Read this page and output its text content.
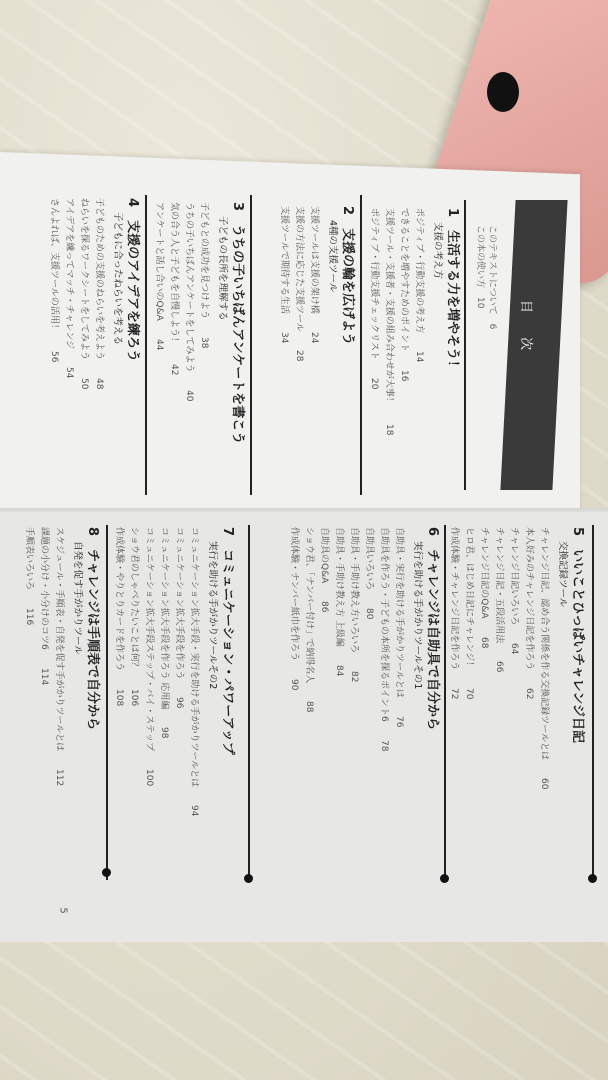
目 次
このテキストについて　6
この本の使い方　10
1　生活する力を増やそう！
支援の考え方
ポジティブ・行動支援の考え方14
できることを増やすためのポイント16
支援ツール・支援者・支援の組み合わせが大事！18
ポジティブ・行動支援チェックリスト20
2　支援の輪を広げよう
4種の支援ツール
支援ツールは支援の架け橋24
支援の方法に応じた支援ツール28
支援ツールで期待する生活34
3　うちの子いちばんアンケートを書こう
子どもの長所を理解する
子どもとの成功を見つけよう38
うちの子いちばんアンケートをしてみよう40
気の合う人と子どもを自慢しよう！42
アンケートと話し合いのQ&A44
4　支援のアイデアを練ろう
子どもに合ったねらいを考える
子どものための支援のねらいを考えよう48
ねらいを探るワークシートをしてみよう50
アイデアを練ってマッチ・チャレンジ54
さんよれば、支援ツールの活用！56
5　いいことひっぱいチャレンジ日記
交換記録ツール
チャレンジ日記、認め合う関係を作る交換記録ツールとは60
本人好みのチャレンジ日記を作ろう62
チャレンジ日記いろいろ64
チャレンジ日記・五段活用法66
チャレンジ日記のQ&A68
ヒロ君、はじめ日記にチャレンジ！70
作成体験・チャレンジ日記を作ろう72
6　チャレンジは自助具で自分から
実行を助ける手がかりツールその1
自助具・実行を助ける手がかりツールとは76
自助具を作ろう・子どもの本所を探るポイント678
自助具いろいろ80
自助具・手助け教え方いろいろ82
自助具・手助け教え方 上級編84
自助具のQ&A86
ショウ君、「ナンバー付け」で納得名人88
作成体験・ナンバー紙巾を作ろう90
7　コミュニケーション・パワーアップ
実行を助ける手がかりツールその2
コミュニケーション拡大手段・実行を助ける手がかりツールとは94
コミュニケーション拡大手段を作ろう96
コミュニケーション拡大手段を作ろう 応用編98
コミュニケーション拡大手段ステップ・バイ・ステップ100
ショウ君のしゃべりたいことは何？106
作成体験・やりとりカードを作ろう108
8　チャレンジは手順表で自分から
自発を促す手がかりツール
スケジュール・手順表・自発を促す手がかりツールとは112
課題の小分け・小分けのコツ6114
手順表いろいろ116
5
